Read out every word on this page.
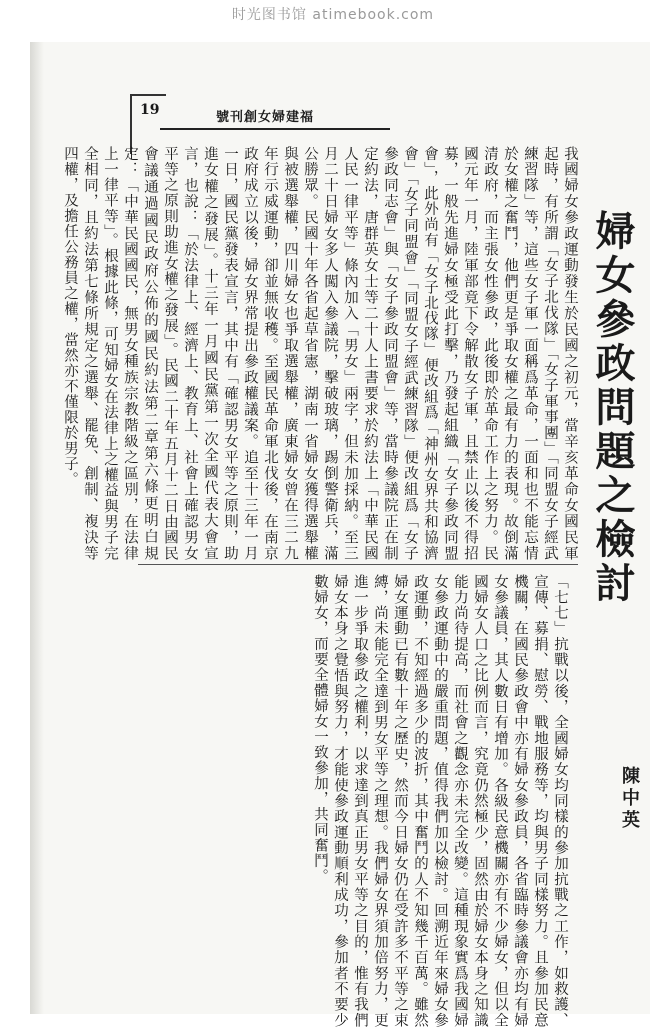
时光图书馆 atimebook.com
19	號刊創女婦建福
婦女參政問題之檢討
陳中英
我國婦女參政運動發生於民國之初元，當辛亥革命女國民軍起時，有所謂「女子北伐隊」「女子軍事團」「同盟女子經武練習隊」等，這些女子軍一面稱爲革命，一面和也不能忘情於女權之奮鬥，他們更是爭取女權之最有力的表現。故倒滿清政府，而主張女性參政，此後即於革命工作上之努力。民國元年一月，陸軍部竟下令解散女子軍，且禁止以後不得招募，一般先進婦女極受此打擊，乃發起組織「女子參政同盟會」，此外尚有「女子北伐隊」便改組爲「神州女界共和協濟會」「女子同盟會」「同盟女子經武練習隊」便改組爲「女子參政同志會」與「女子參政同盟會」等，當時參議院正在制定約法，唐群英女士等二十人上書要求於約法上「中華民國人民一律平等」條內加入「男女」兩字，但未加採納。至三月二十日婦女多人闖入參議院，擊破玻璃，踢倒警衛兵，滿公勝眾。民國十年各省起草省憲，湖南一省婦女獲得選舉權與被選舉權，四川婦女也爭取選舉權，廣東婦女曾在三二九年行示威運動，卻並無收穫。至國民革命軍北伐後，在南京政府成立以後，婦女界常提出參政權議案。追至十三年一月一日，國民黨發表宣言，其中有「確認男女平等之原則，助進女權之發展」。十三年一月國民黨第一次全國代表大會宣言，也說：「於法律上、經濟上、教育上、社會上確認男女平等之原則助進女權之發展」。民國二十年五月十二日由國民會議通過國民政府公佈的國民約法第二章第六條更明白規定：「中華民國國民，無男女種族宗教階級之區別，在法律上一律平等」。根據此條，可知婦女在法律上之權益與男子完全相同，且約法第七條所規定之選舉、罷免、創制、複決等四權，及擔任公務員之權，當然亦不僅限於男子。
「七七」抗戰以後，全國婦女均同樣的參加抗戰之工作，如救護、宣傳、募捐、慰勞、戰地服務等，均與男子同樣努力。且參加民意機關，在國民參政會中亦有婦女參政員，各省臨時參議會亦均有婦女參議員，其人數日有增加。各級民意機關亦有不少婦女，但以全國婦女人口之比例而言，究竟仍然極少，固然由於婦女本身之知識能力尚待提高，而社會之觀念亦未完全改變。這種現象實爲我國婦女參政運動中的嚴重問題，值得我們加以檢討。回溯近年來婦女參政運動，不知經過多少的波折，其中奮鬥的人不知幾千百萬。雖然婦女運動已有數十年之歷史，然而今日婦女仍在受許多不平等之束縛，尚未能完全達到男女平等之理想。我們婦女界須加倍努力，更進一步爭取參政之權利，以求達到真正男女平等之目的，惟有我們婦女本身之覺悟與努力，才能使參政運動順利成功，參加者不要少數婦女，而要全體婦女一致參加，共同奮鬥。
